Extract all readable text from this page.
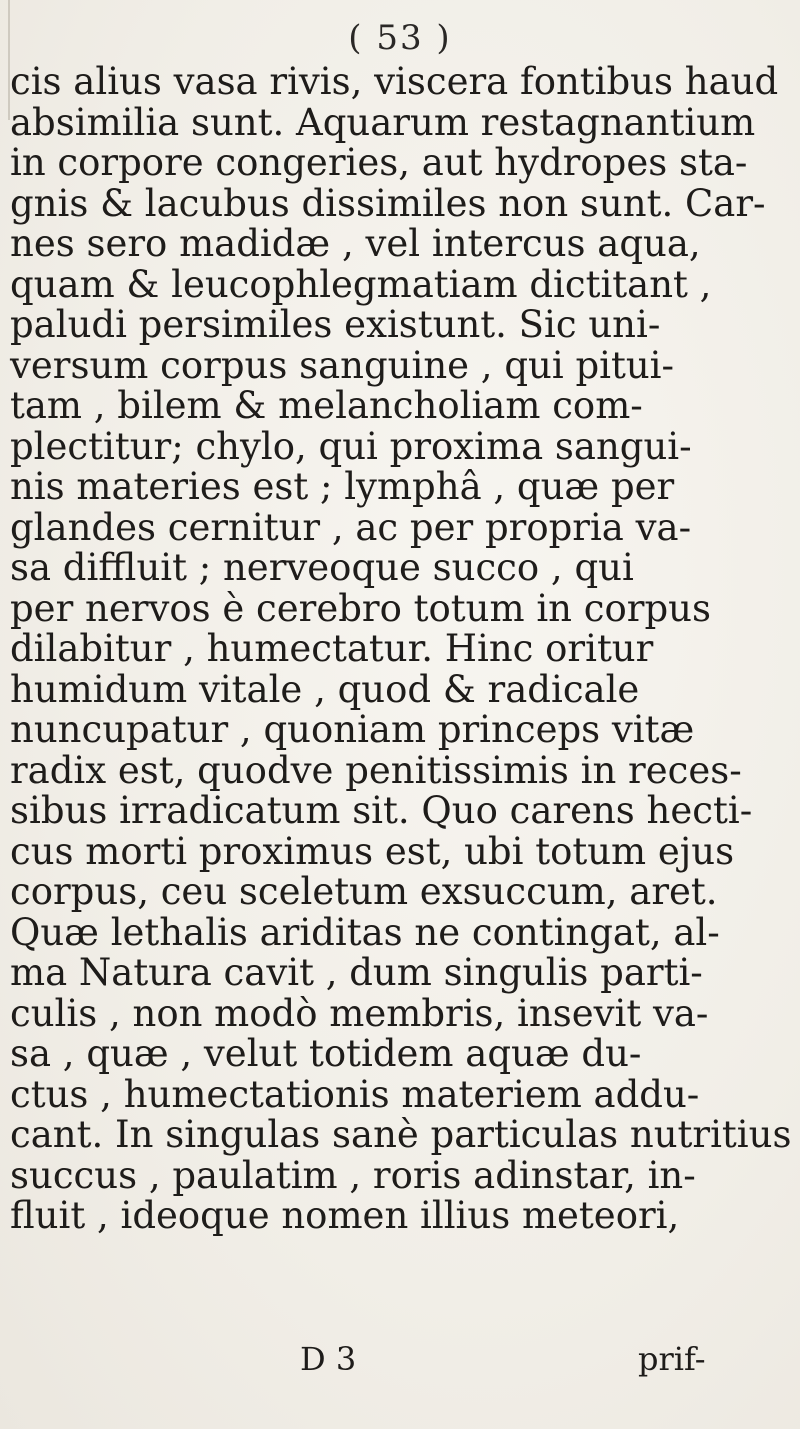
( 53 )
cis alius vasa rivis, viscera fontibus haud
absimilia sunt. Aquarum restagnantium
in corpore congeries, aut hydropes sta-
gnis & lacubus dissimiles non sunt. Car-
nes sero madidæ , vel intercus aqua,
quam & leucophlegmatiam dictitant ,
paludi persimiles existunt. Sic uni-
versum corpus sanguine , qui pitui-
tam , bilem & melancholiam com-
plectitur; chylo, qui proxima sangui-
nis materies est ; lymphâ , quæ per
glandes cernitur , ac per propria va-
sa diffluit ; nerveoque succo , qui
per nervos è cerebro totum in corpus
dilabitur , humectatur. Hinc oritur
humidum vitale , quod & radicale
nuncupatur , quoniam princeps vitæ
radix est, quodve penitissimis in reces-
sibus irradicatum sit. Quo carens hecti-
cus morti proximus est, ubi totum ejus
corpus, ceu sceletum exsuccum, aret.
Quæ lethalis ariditas ne contingat, al-
ma Natura cavit , dum singulis parti-
culis , non modò membris, insevit va-
sa , quæ , velut totidem aquæ du-
ctus , humectationis materiem addu-
cant. In singulas sanè particulas nutritius
succus , paulatim , roris adinstar, in-
fluit , ideoque nomen illius meteori,
D 3	prif-
